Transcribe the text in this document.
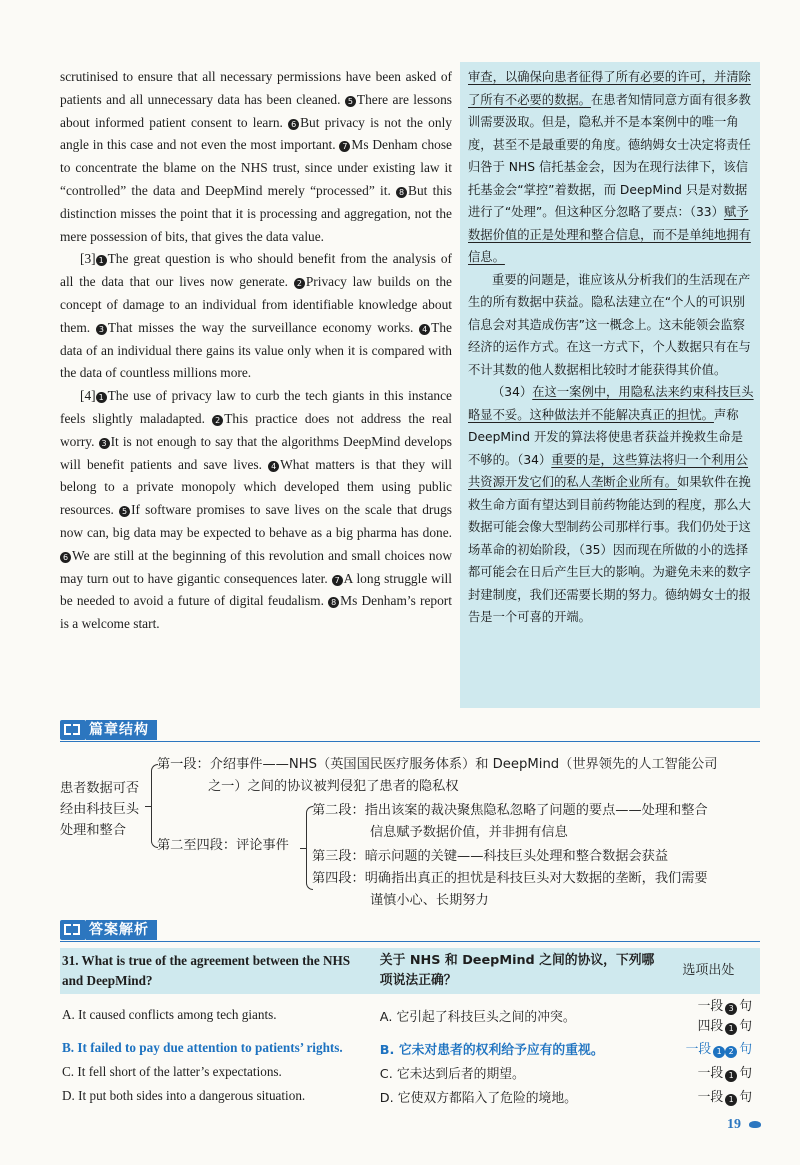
scrutinised to ensure that all necessary permissions have been asked of patients and all unnecessary data has been cleaned. 5 There are lessons about informed patient consent to learn. 6 But privacy is not the only angle in this case and not even the most important. 7 Ms Denham chose to concentrate the blame on the NHS trust, since under existing law it “controlled” the data and DeepMind merely “processed” it. 8 But this distinction misses the point that it is processing and aggregation, not the mere possession of bits, that gives the data value.

[3] 1 The great question is who should benefit from the analysis of all the data that our lives now generate. 2 Privacy law builds on the concept of damage to an individual from identifiable knowledge about them. 3 That misses the way the surveillance economy works. 4 The data of an individual there gains its value only when it is compared with the data of countless millions more.

[4] 1 The use of privacy law to curb the tech giants in this instance feels slightly maladapted. 2 This practice does not address the real worry. 3 It is not enough to say that the algorithms DeepMind develops will benefit patients and save lives. 4 What matters is that they will belong to a private monopoly which developed them using public resources. 5 If software promises to save lives on the scale that drugs now can, big data may be expected to behave as a big pharma has done. 6 We are still at the beginning of this revolution and small choices now may turn out to have gigantic consequences later. 7 A long struggle will be needed to avoid a future of digital feudalism. 8 Ms Denham’s report is a welcome start.

审查，以确保向患者征得了所有必要的许可，并清除了所有不必要的数据。在患者知情同意方面有很多教训需要汲取。但是，隐私并不是本案例中的唯一角度，甚至不是最重要的角度。德纳姆女士决定将责任归咎于 NHS 信托基金会，因为在现行法律下，该信托基金会“掌控”着数据，而 DeepMind 只是对数据进行了“处理”。但这种区分忽略了要点：（33）赋予数据价值的正是处理和整合信息，而不是单纯地拥有信息。

重要的问题是，谁应该从分析我们的生活现在产生的所有数据中获益。隐私法建立在“个人的可识别信息会对其造成伤害”这一概念上。这未能领会监察经济的运作方式。在这一方式下，个人数据只有在与不计其数的他人数据相比较时才能获得其价值。

（34）在这一案例中，用隐私法来约束科技巨头略显不妥。这种做法并不能解决真正的担忧。声称 DeepMind 开发的算法将使患者获益并挽救生命是不够的。（34）重要的是，这些算法将归一个利用公共资源开发它们的私人垄断企业所有。如果软件在挽救生命方面有望达到目前药物能达到的程度，那么大数据可能会像大型制药公司那样行事。我们仍处于这场革命的初始阶段，（35）因而现在所做的小的选择都可能会在日后产生巨大的影响。为避免未来的数字封建制度，我们还需要长期的努力。德纳姆女士的报告是一个可喜的开端。

篇章结构
患者数据可否经由科技巨头处理和整合
第一段：介绍事件——NHS（英国国民医疗服务体系）和 DeepMind（世界领先的人工智能公司
之一）之间的协议被判侵犯了患者的隐私权
第二至四段：评论事件
第二段：指出该案的裁决聚焦隐私忽略了问题的要点——处理和整合
信息赋予数据价值，并非拥有信息
第三段：暗示问题的关键——科技巨头处理和整合数据会获益
第四段：明确指出真正的担忧是科技巨头对大数据的垄断，我们需要
谨慎小心、长期努力
答案解析
31. What is true of the agreement between the NHS and DeepMind?	关于 NHS 和 DeepMind 之间的协议，下列哪项说法正确？	选项出处
A. It caused conflicts among tech giants.	A. 它引起了科技巨头之间的冲突。	一段 3 句
四段 1 句
B. It failed to pay due attention to patients’ rights.	B. 它未对患者的权利给予应有的重视。	一段 1 2 句
C. It fell short of the latter’s expectations.	C. 它未达到后者的期望。	一段 1 句
D. It put both sides into a dangerous situation.	D. 它使双方都陷入了危险的境地。	一段 1 句
19
